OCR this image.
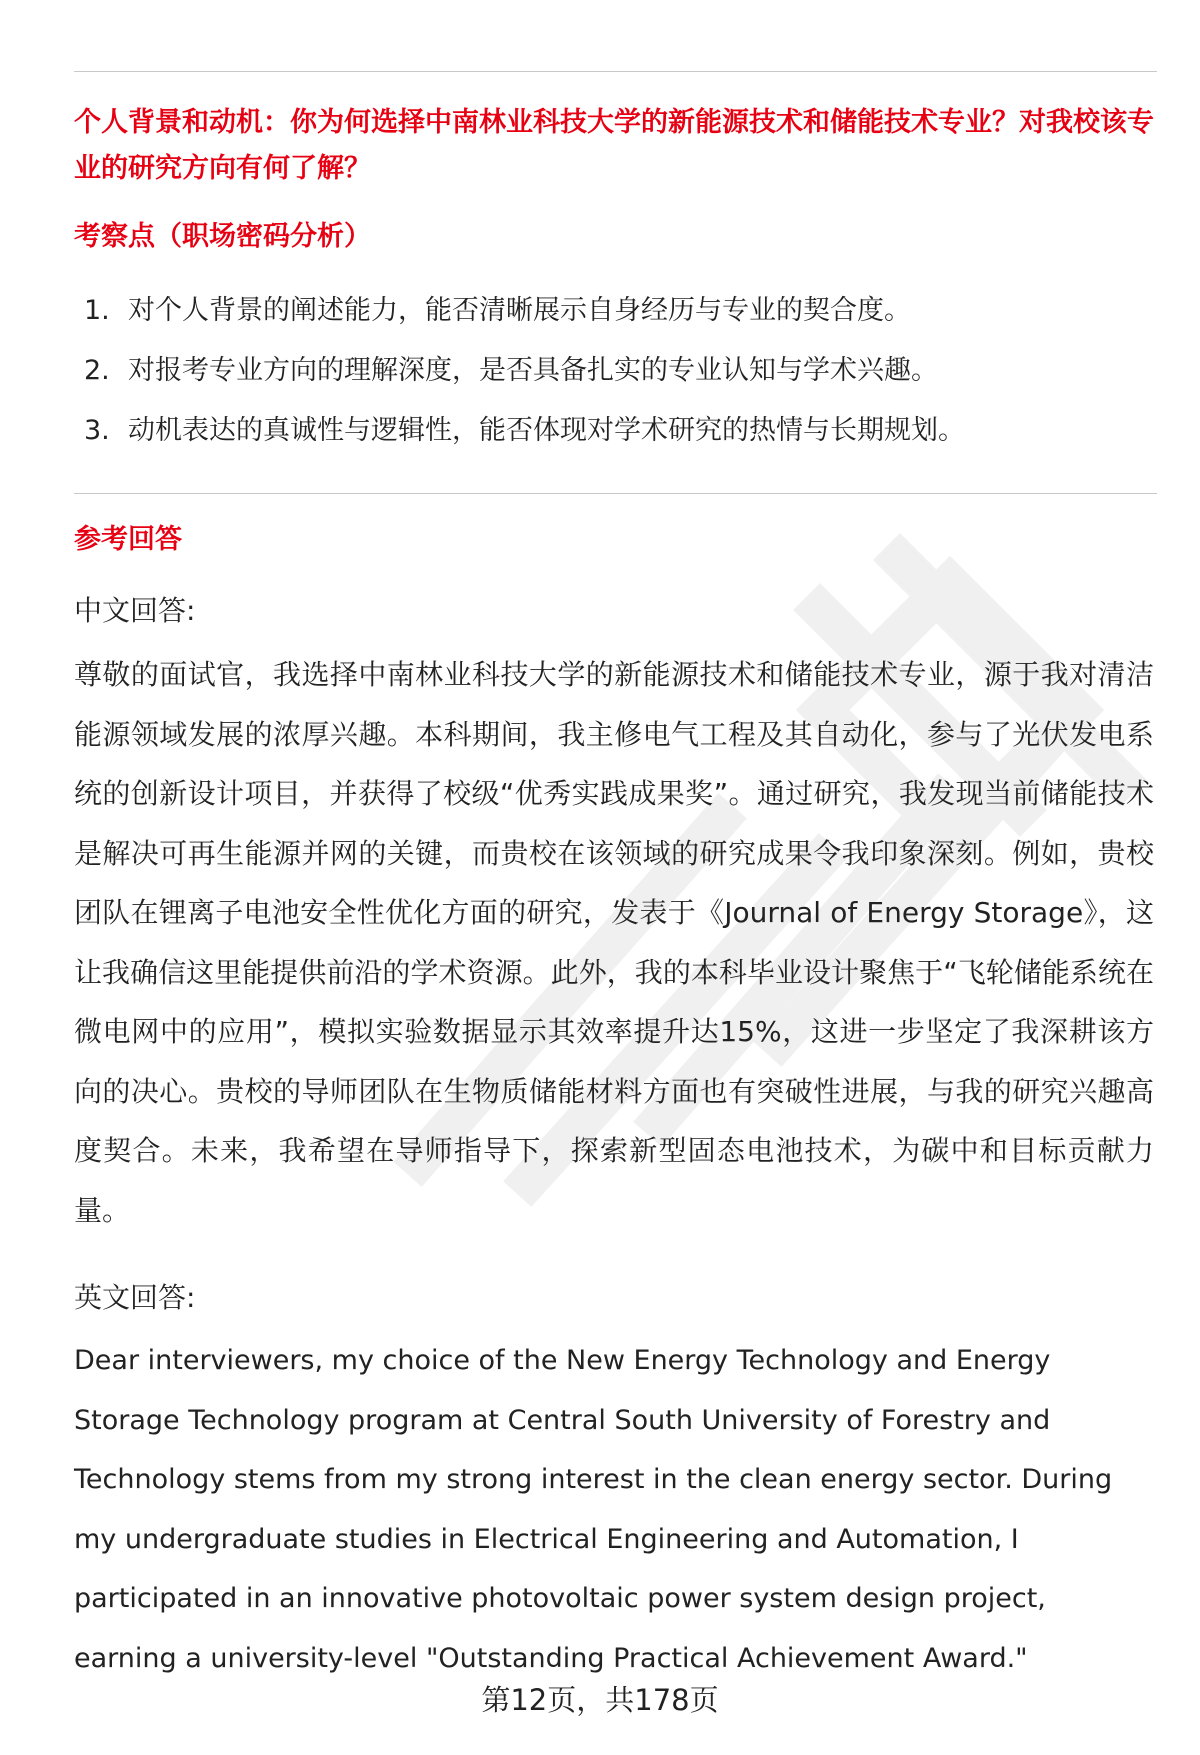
个人背景和动机：你为何选择中南林业科技大学的新能源技术和储能技术专业？对我校该专业的研究方向有何了解？

考察点（职场密码分析）

1. 对个人背景的阐述能力，能否清晰展示自身经历与专业的契合度。
2. 对报考专业方向的理解深度，是否具备扎实的专业认知与学术兴趣。
3. 动机表达的真诚性与逻辑性，能否体现对学术研究的热情与长期规划。

参考回答

中文回答:

尊敬的面试官，我选择中南林业科技大学的新能源技术和储能技术专业，源于我对清洁能源领域发展的浓厚兴趣。本科期间，我主修电气工程及其自动化，参与了光伏发电系统的创新设计项目，并获得了校级“优秀实践成果奖”。通过研究，我发现当前储能技术是解决可再生能源并网的关键，而贵校在该领域的研究成果令我印象深刻。例如，贵校团队在锂离子电池安全性优化方面的研究，发表于《Journal of Energy Storage》，这让我确信这里能提供前沿的学术资源。此外，我的本科毕业设计聚焦于“飞轮储能系统在微电网中的应用”，模拟实验数据显示其效率提升达15%，这进一步坚定了我深耕该方向的决心。贵校的导师团队在生物质储能材料方面也有突破性进展，与我的研究兴趣高度契合。未来，我希望在导师指导下，探索新型固态电池技术，为碳中和目标贡献力量。

英文回答:

Dear interviewers, my choice of the New Energy Technology and Energy Storage Technology program at Central South University of Forestry and Technology stems from my strong interest in the clean energy sector. During my undergraduate studies in Electrical Engineering and Automation, I participated in an innovative photovoltaic power system design project, earning a university-level "Outstanding Practical Achievement Award."

第12页，共178页
